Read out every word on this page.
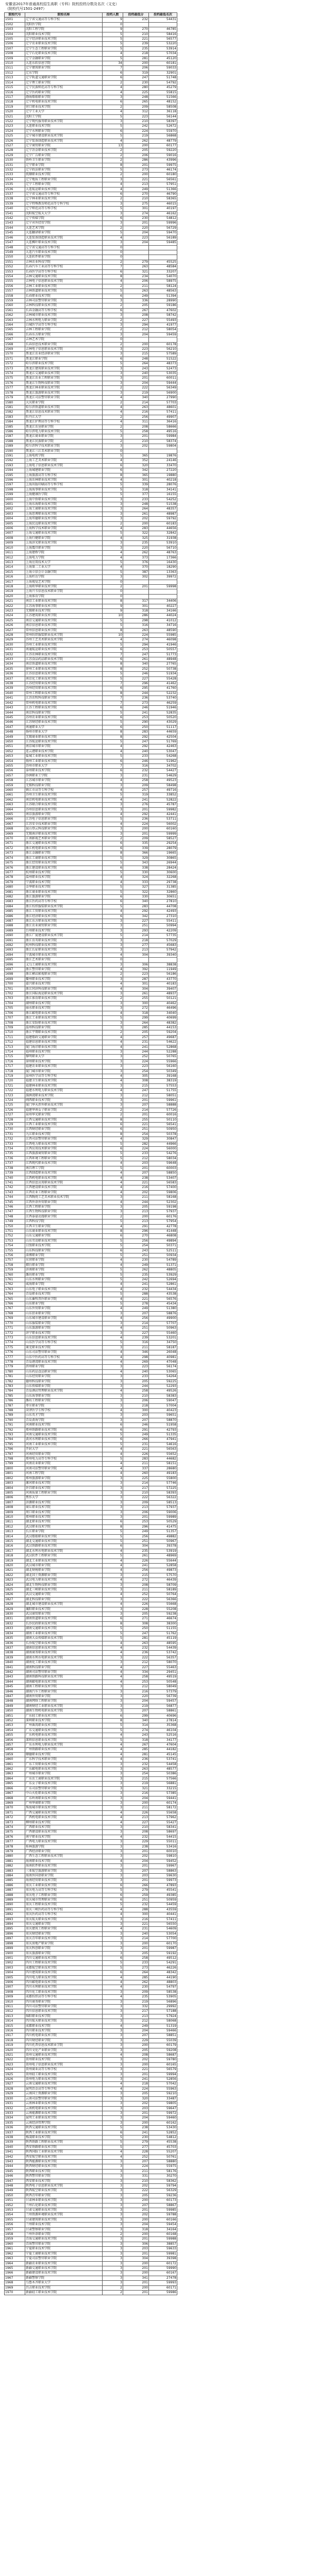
安徽省2017年普通高校招生高职（专科）院校投档分数及名次（文史）
（院校代号1501-2497）
院校代号	院校名称	投档人数	投档最低分	投档最低名次
1501	辽宁省交通高等专科学校	9	232	54431
1502	沈阳医学院	0		
1503	沈阳工程学院	9	270	46785
1504	沈阳职业技术学院	5	210	58416
1505	辽宁经济职业技术学院	5	221	56577
1506	辽宁农业职业技术学院	5	239	53220
1507	辽宁生态工程职业学院	5	235	53914
1508	辽宁石化职业技术学院	4	218	57034
1509	辽宁金融职业学院	5	281	45120
1510	大连东软信息学院	34	200	60181
1511	辽宁建筑职业学院	7	206	59033
1512	辽东学院	6	319	32901
1513	辽宁轨道交通职业学院	6	247	51748
1514	辽宁理工职业学院	2	230	54792
1515	辽宁民族师范高等专科学校	4	280	45279
1516	辽宁医药职业学院	4	225	55815
1517	渤海船舶职业学院	3	248	51566
1518	辽宁机电职业技术学院	6	265	48152
1519	营口职业技术学院	2	209	58508
1520	辽宁工业大学	4	312	36118
1521	沈阳工学院	5	223	56144
1522	辽宁现代服务职业技术学院	3	210	58397
1523	大连职业技术学院	5	242	52672
1524	辽宁水利职业学院	6	224	55970
1525	辽宁城市建设职业技术学院	5	219	56868
1526	辽宁装备制造职业技术学院	4	262	48779
1527	辽宁商贸职业学院	13	200	60177
1528	辽宁冶金职业技术学院	2	205	59220
1529	辽宁广告职业学院	2	206	59016
1530	铁岭卫生职业学院	2	286	43996
1531	辽宁职业学院	8	201	59975
1532	辽宁政法职业学院	5	273	46174
1533	抚顺职业技术学院	2	200	60180
1534	辽宁地质工程职业学院	3	221	56561
1535	辽宁工程职业学院	4	213	57951
1536	大连航运职业技术学院	4	249	51366
1537	辽宁省交通高等专科学校	6	270	46790
1538	辽宁林业职业技术学院	2	210	58365
1539	辽宁特殊教育师范高等专科学校	3	275	46015
1540	辽宁师范高等专科学校	5	301	40197
1541	沈阳航空航天大学	3	274	46162
1542	辽宁传媒学院	6	230	54812
1543	辽宁对外经贸学院	3	201	59996
1544	大连艺术学院	2	220	56729
1545	大连翻译职业学院	5	204	59470
1546	大连装备制造职业技术学院	4	223	56189
1547	大连枫叶职业技术学院	3	204	59485
1548	辽宁省交通高等专科学校	0		
1549	大连汽车职业技术学院	0		
1550	大连软件职业学院	0		
1551	吉林农业科技学院	2	279	45525
1552	长春汽车工业高等专科学校	7	263	48584
1553	长春医学高等专科学校	6	321	33207
1554	吉林交通职业技术学院	8	234	54070
1555	吉林电子信息职业技术学院	4	206	58975
1556	吉林工业职业技术学院	2	211	58124
1557	吉林铁道职业技术学院	5	263	48563
1558	长春职业技术学院	6	249	51394
1559	吉林司法警官职业学院	3	336	28990
1560	吉林科技职业技术学院	2	205	59186
1561	长春金融高等专科学校	6	267	47602
1562	吉林城市职业技术学院	3	208	58742
1563	吉林水利电力职业学院	2	227	55493
1564	白城医学高等专科学校	3	294	41977
1565	吉林工程职业学院	2	212	58054
1566	长春东方职业学院	3	204	59459
1567	吉林艺术学院	0		
1568	长春信息技术职业学院	2	200	60178
1569	吉林电子信息职业技术学院	3	223	56210
1570	黑龙江农业经济职业学院	3	215	57589
1571	黑龙江职业学院	6	248	51522
1572	哈尔滨职业技术学院	5	264	48373
1573	黑龙江建筑职业技术学院	3	243	52473
1574	黑龙江交通职业技术学院	3	240	53035
1575	黑龙江农业工程职业学院	3	201	60011
1576	黑龙江生物科技职业学院	3	204	59444
1577	黑龙江林业职业技术学院	2	222	56349
1578	黑龙江旅游职业技术学院	3	219	56900
1579	黑龙江司法警官职业学院	4	340	27990
1580	大庆职业学院	2	214	57703
1581	哈尔滨铁道职业技术学院	4	263	48601
1582	黑龙江信息技术职业学院	4	216	57411
1583	牡丹江大学	2	256	49907
1584	黑龙江护理高等专科学校	4	311	36416
1585	黑龙江农垦职业学院	2	208	58666
1586	哈尔滨电力职业技术学院	5	258	49516
1587	黑龙江商业职业学院	3	201	59984
1588	黑龙江民族职业学院	2	210	58374
1589	哈尔滨科学技术职业学院	3	202	59804
1590	黑龙江三江美术职业学院	0		
1591	上海电机学院	5	365	19876
1592	上海工艺美术职业学院	4	352	24146
1593	上海电子信息职业技术学院	6	320	33470
1594	上海城建职业学院	6	342	27220
1595	上海旅游高等专科学校	8	365	19880
1596	上海农林职业技术学院	4	301	40218
1597	上海出版印刷高等专科学校	5	339	28076
1598	上海海事职业技术学院	5	318	34141
1599	上海健康医学院	5	377	16155
1600	上海中侨职业技术学院	3	233	54252
1601	上海东海职业技术学院	3	248	51538
1602	上海工商职业技术学院	3	264	48357
1603	上海思博职业技术学院	3	261	48987
1604	上海邦德职业技术学院	3	202	59792
1605	上海民远职业技术学院	2	200	60183
1606	上海科学技术职业学院	4	283	44656
1607	上海交通职业技术学院	5	322	32842
1608	上海行健职业学院	4	325	31938
1609	上海济光职业技术学院	3	235	53910
1610	上海震旦职业学院	3	220	56710
1611	上海建桥学院	4	262	48763
1612	上海电力学院	4	373	17366
1613	上海应用技术大学	5	376	16430
1614	上海第二工业大学	4	370	18290
1615	上海立信会计金融学院	5	387	13363
1616	上海杉达学院	3	302	39972
1617	上海视觉艺术学院	0		
1618	上海欧华职业技术学院	2	201	59998
1619	上海兴韦信息技术职业学院	0		
1620	上海体育学院	0		
1621	南京工业职业技术学院	8	317	34406
1622	江苏海事职业技术学院	9	301	40227
1623	无锡职业技术学院	9	318	34166
1624	江苏建筑职业技术学院	10	286	44024
1625	南京交通职业技术学院	5	298	41012
1626	南京信息职业技术学院	5	316	34716
1627	常州信息职业技术学院	8	263	48590
1628	常州纺织服装职业技术学院	10	224	55985
1629	苏州工艺美术职业技术学院	4	274	46098
1630	苏州工业职业技术学院	5	294	41946
1631	南通航运职业技术学院	6	253	50557
1632	江苏农林职业技术学院	7	247	51773
1633	江苏食品药品职业技术学院	6	261	48948
1634	南京铁道职业技术学院	8	340	27765
1635	徐州工业职业技术学院	8	252	50738
1636	江苏信息职业技术学院	5	246	51934
1637	南京化工职业技术学院	5	227	55428
1638	江苏经贸职业技术学院	7	296	41462
1639	苏州经贸职业技术学院	6	295	41760
1640	常州工程职业技术学院	8	244	52232
1641	江苏农牧科技职业学院	7	236	53740
1642	常州机电职业技术学院	7	273	46259
1643	江苏工程职业技术学院	6	246	51946
1644	南京科技职业学院	5	241	52835
1645	苏州农业职业技术学院	6	253	50520
1646	江苏财经职业技术学院	5	290	43029
1647	南通职业大学	6	250	51117
1648	扬州市职业大学	8	283	44659
1649	无锡商业职业技术学院	8	292	42504
1650	江苏航运职业技术学院	5	247	51769
1651	南京城市职业学院	4	292	42463
1652	连云港职业技术学院	4	240	53047
1653	盐城工业职业技术学院	5	233	54268
1654	扬州工业职业技术学院	6	246	51962
1655	苏州市职业大学	7	316	34702
1656	泰州职业技术学院	6	232	54427
1657	沙洲职业工学院	3	231	54629
1658	江苏城市职业学院	4	258	49523
1659	无锡科技职业学院	3	209	58498
1660	镇江市高等专科学校	4	257	49716
1661	苏州卫生职业技术学院	5	319	33852
1662	南京机电职业技术学院	4	241	52822
1663	江苏联合职业技术学院	3	276	45787
1664	苏州信息职业技术学院	3	201	59982
1665	南京旅游职业学院	4	292	42441
1666	江苏电子信息职业学院	5	236	53711
1667	江苏安全技术职业学院	4	224	56002
1668	昆山登云科技职业学院	3	200	60160
1669	无锡南洋职业技术学院	3	201	59999
1670	江南影视艺术职业学院	2	209	58527
1671	浙江交通职业技术学院	6	335	29254
1672	浙江机电职业技术学院	6	339	28079
1673	浙江金融职业学院	8	366	19665
1674	浙江工商职业技术学院	5	329	30865
1675	浙江经贸职业技术学院	5	343	26944
1676	浙江建设职业技术学院	6	338	28424
1677	杭州职业技术学院	5	330	30600
1678	温州职业技术学院	4	324	32268
1679	宁波职业技术学院	4	333	29738
1680	金华职业技术学院	5	327	31385
1681	浙江商业职业技术学院	5	322	32860
1682	浙江旅游职业学院	6	330	30651
1683	浙江医药高等专科学校	6	340	27810
1684	浙江纺织服装职业技术学院	5	283	44708
1685	浙江工贸职业技术学院	4	292	42493
1686	浙江经济职业技术学院	6	342	27310
1687	浙江东方职业技术学院	3	227	55411
1688	浙江农业商贸职业学院	3	251	50994
1689	台州职业技术学院	3	293	42209
1690	浙江广厦建设职业技术学院	5	214	57735
1691	浙江育英职业技术学院	3	218	57029
1692	杭州科技职业技术学院	3	277	45683
1693	浙江长征职业技术学院	3	213	57942
1694	宁波城市职业技术学院	4	304	39340
1695	浙江艺术职业学院	0		
1696	义乌工商职业技术学院	3	306	38838
1697	浙江警官职业学院	4	392	11949
1698	浙江横店影视职业学院	2	223	56186
1699	衢州职业技术学院	3	287	43770
1700	嘉兴职业技术学院	4	301	40183
1701	浙江同济科技职业学院	4	304	39407
1702	浙江国际海运职业技术学院	3	261	48937
1703	浙江体育职业技术学院	2	255	50121
1704	湖州职业技术学院	3	300	40462
1705	丽水职业技术学院	3	272	46496
1706	浙江邮电职业技术学院	4	318	34040
1707	浙江工业职业技术学院	5	299	40699
1708	浙江安防职业技术学院	3	264	48382
1709	温州科技职业学院	3	285	44153
1710	浙江宇翔职业技术学院	2	205	59204
1711	福建船政交通职业学院	4	257	49687
1712	福建信息职业技术学院	4	231	54622
1713	厦门海洋职业技术学院	4	241	52868
1714	福州职业技术学院	3	244	52288
1715	黎明职业大学	3	252	50765
1716	漳州职业技术学院	3	224	55966
1717	福建农业职业技术学院	3	223	56160
1718	厦门城市职业学院	3	254	50349
1719	泉州医学高等专科学校	4	305	39168
1720	福建卫生职业技术学院	4	308	38319
1721	福建林业职业技术学院	3	215	57553
1722	福建水利电力职业技术学院	4	247	51755
1723	湄洲湾职业技术学院	3	212	58051
1724	闽西职业技术学院	3	201	59961
1725	厦门华天涉外职业技术学院	3	207	58888
1726	福建华南女子职业学院	2	214	57726
1727	泉州华光职业学院	2	201	60016
1728	江西交通职业技术学院	8	255	50110
1729	江西工业职业技术学院	6	221	56541
1730	江西财经职业学院	6	251	50950
1731	九江职业技术学院	8	254	50378
1732	江西司法警官职业学院	4	329	30847
1733	江西电力职业技术学院	5	282	44966
1734	江西应用技术职业学院	6	224	56000
1735	江西旅游商贸职业学院	5	233	54276
1736	江西环境工程职业学院	5	212	58034
1737	江西现代职业技术学院	4	203	59648
1738	南昌理工学院	5	201	60003
1739	江西制造职业技术学院	4	207	58850
1740	江西机电职业技术学院	4	238	53407
1741	江西信息应用职业技术学院	4	221	56583
1742	江西建设职业技术学院	4	216	57400
1743	江西农业工程职业学院	4	202	59806
1744	江西陶瓷工艺美术职业技术学院	3	211	58168
1745	江西外语外贸职业学院	4	244	52302
1746	江西工程职业学院	3	205	59198
1747	江西生物科技职业学院	3	213	57937
1748	江西泰豪动漫职业学院	2	200	60176
1749	江西科技学院	5	213	57954
1750	江西卫生职业学院	4	291	42778
1751	山东商业职业技术学院	8	296	41448
1752	山东交通职业学院	6	270	46808
1753	山东劳动职业技术学院	5	256	49894
1754	日照职业技术学院	5	254	50371
1755	山东科技职业学院	6	243	52511
1756	淄博职业学院	5	251	50934
1757	东营职业学院	4	230	54789
1758	烟台职业学院	4	249	51371
1759	济南职业学院	5	262	48805
1760	潍坊职业学院	5	235	53929
1761	山东水利职业学院	5	242	52694
1762	威海职业学院	4	241	52861
1763	山东电子职业技术学院	4	232	54434
1764	青岛职业技术学院	5	288	43538
1765	山东畜牧兽医职业学院	4	221	56576
1766	山东职业学院	5	278	45434
1767	山东外贸职业学院	4	249	51380
1768	山东铝业职业学院	3	207	58876
1769	山东城市建设职业学院	4	256	49900
1770	山东服装职业学院	3	214	57707
1771	山东旅游职业学院	4	251	50963
1772	济宁职业技术学院	3	227	55460
1773	山东信息职业技术学院	4	239	53201
1774	山东医学高等专科学校	5	316	34750
1775	莱芜职业技术学院	3	211	58187
1776	山东司法警官职业学院	4	346	26048
1777	山东中医药高等专科学校	4	298	40981
1778	青岛港湾职业技术学院	4	269	47048
1779	滨州职业学院	3	223	56174
1780	山东药品食品职业学院	4	240	53065
1781	山东经贸职业学院	3	233	54264
1782	德州科技职业学院	3	205	59225
1783	山东传媒职业学院	3	244	52293
1784	青岛酒店管理职业技术学院	4	258	49526
1785	山东海事职业学院	3	210	58383
1786	潍坊工程职业学院	3	206	59047
1787	枣庄职业学院	3	218	57004
1788	菏泽医学专科学校	4	300	40423
1789	山东英才学院	3	203	59651
1790	青岛黄海学院	3	207	58870
1791	河南职业技术学院	6	246	51958
1792	郑州铁路职业技术学院	6	291	42793
1793	河南交通职业技术学院	5	249	51335
1794	黄河水利职业技术学院	6	266	47941
1795	河南工业职业技术学院	5	231	54616
1796	开封大学	4	221	56563
1797	河南经贸职业学院	4	226	55652
1798	郑州电力高等专科学校	5	283	44682
1799	河南农业职业学院	4	211	58151
1800	河南司法警官职业学院	4	337	28680
1801	河南工程学院	4	260	49183
1802	郑州旅游职业学院	3	225	55800
1803	漯河职业技术学院	3	214	57746
1804	许昌职业技术学院	3	217	57225
1805	河南质量工程职业学院	3	210	58393
1806	焦作大学	3	222	56322
1807	济源职业技术学院	3	209	58513
1808	商丘职业技术学院	3	213	57937
1809	周口职业技术学院	3	206	59006
1810	郑州职业技术学院	3	201	59989
1811	湖北职业技术学院	6	253	50529
1812	武汉职业技术学院	8	296	41475
1813	长江职业学院	5	249	51357
1814	武汉船舶职业技术学院	5	256	49882
1815	湖北交通职业技术学院	5	251	50967
1816	武汉铁路职业技术学院	6	304	39378
1817	湖北水利水电职业技术学院	4	235	53919
1818	武汉软件工程职业学院	5	261	48969
1819	湖北工业职业技术学院	4	226	55644
1820	武汉城市职业学院	4	241	52858
1821	湖北财税职业学院	4	256	49873
1822	湖北国土资源职业学院	3	215	57570
1823	武汉电力职业技术学院	4	272	46439
1824	湖北生物科技职业学院	3	208	58709
1825	湖北三峡职业技术学院	3	211	58189
1826	武汉交通职业学院	4	252	50764
1827	湖北科技职业学院	3	222	56366
1828	湖北城市建设职业技术学院	4	226	55668
1829	襄阳职业技术学院	3	228	55208
1830	武汉商贸职业学院	3	205	59238
1831	湖南铁道职业技术学院	6	271	46674
1832	长沙民政职业技术学院	8	308	38300
1833	湖南交通职业技术学院	5	250	51155
1834	湖南工业职业技术学院	5	247	51762
1835	湖南大众传媒职业技术学院	5	281	45119
1836	长沙航空职业技术学院	4	263	48595
1837	湖南信息职业技术学院	4	232	54439
1838	湖南商务职业技术学院	4	236	53742
1839	湖南水利水电职业技术学院	3	222	56357
1840	湖南化工职业技术学院	3	212	58070
1841	湖南科技职业学院	4	227	55463
1842	湖南司法警官职业学院	4	334	29451
1843	湖南铁路科技职业技术学院	4	258	49519
1844	湖南邮电职业技术学院	4	253	50548
1845	湖南工程职业技术学院	3	212	58049
1846	湖南汽车工程职业学院	3	216	57379
1847	湖南外贸职业学院	3	220	56739
1848	湖南网络工程职业学院	3	204	59457
1849	湖南财经工业职业技术学院	3	219	56877
1850	湖南生物机电职业技术学院	3	207	58861
1851	广东轻工职业技术学院	6	299	40696
1852	深圳职业技术学院	8	340	27814
1853	广州番禺职业技术学院	5	314	35368
1854	广东交通职业技术学院	5	274	46104
1855	广东机电职业技术学院	4	243	52516
1856	深圳信息职业技术学院	5	318	34177
1857	广东水利电力职业技术学院	4	267	47604
1858	广州铁路职业技术学院	4	285	44182
1859	顺德职业技术学院	4	281	45145
1860	广东科学技术职业学院	4	236	53741
1861	广东工贸职业技术学院	3	232	54458
1862	广东邮电职业技术学院	3	263	48577
1863	广州城市职业学院	3	254	50386
1864	广东农工商职业技术学院	3	215	57566
1865	广东女子职业技术学院	3	219	56881
1866	广东司法警官职业学院	3	321	33215
1867	中山火炬职业技术学院	3	216	57385
1868	广东岭南职业技术学院	3	204	59441
1869	广州华商职业学院	3	200	60174
1870	珠海城市职业技术学院	3	211	58172
1871	广西交通职业技术学院	4	226	55658
1872	广西机电职业技术学院	4	213	57962
1873	柳州职业技术学院	4	227	55427
1874	广西职业技术学院	3	210	58341
1875	广西建设职业技术学院	3	208	58697
1876	南宁职业技术学院	4	232	54415
1877	广西电力职业技术学院	3	229	55011
1878	桂林旅游学院	3	238	53416
1879	广西经济职业学院	3	201	60010
1880	广西生态工程职业技术学院	3	202	59810
1881	海南职业技术学院	4	204	59452
1882	海南软件职业技术学院	3	201	59967
1883	三亚航空旅游职业学院	3	207	58863
1884	海南外国语职业学院	3	203	59630
1885	海南经贸职业技术学院	3	201	59973
1886	重庆工业职业技术学院	6	266	47893
1887	重庆电力高等专科学校	5	279	45541
1888	重庆电子工程职业学院	6	259	49385
1889	重庆城市管理职业学院	6	251	50959
1890	重庆工程职业技术学院	5	232	54459
1891	重庆三峡医药高等专科学校	4	288	43559
1892	重庆医药高等专科学校	4	300	40441
1893	重庆航天职业技术学院	3	216	57411
1894	重庆交通职业学院	3	221	56550
1895	重庆建筑工程职业学院	4	231	54609
1896	重庆财经职业学院	3	240	53054
1897	重庆青年职业技术学院	3	214	57700
1898	重庆房地产职业学院	3	200	60170
1899	重庆科创职业学院	3	201	59987
1900	重庆旅游职业学院	3	205	59192
1901	四川交通职业技术学院	6	258	49512
1902	四川工程职业技术学院	5	233	54291
1903	成都航空职业技术学院	5	273	46226
1904	四川建筑职业技术学院	6	264	48342
1905	四川电力职业技术学院	4	285	44190
1906	四川邮电职业技术学院	4	262	48803
1907	四川水利职业技术学院	4	230	54797
1908	四川化工职业技术学院	3	209	58538
1909	成都纺织高等专科学校	4	235	53905
1910	四川商务职业学院	3	219	56896
1911	四川司法警官职业学院	3	332	29992
1912	四川信息职业技术学院	3	217	57188
1913	绵阳职业技术学院	3	213	57924
1914	四川航天职业技术学院	3	212	58068
1915	成都职业技术学院	4	249	51319
1916	四川职业技术学院	3	204	59466
1917	四川机电职业技术学院	3	207	58851
1918	四川财经职业学院	3	229	55039
1919	四川托普信息技术职业学院	3	200	60179
1920	四川文化产业职业学院	3	205	59208
1921	贵州交通职业技术学院	4	208	58687
1922	贵州职业技术学院	3	202	59780
1923	贵州电子信息职业技术学院	3	200	60165
1924	贵州商业高等专科学校	3	221	56579
1925	贵州轻工职业技术学院	3	201	59994
1926	贵州电力职业技术学院	3	241	52856
1927	云南交通职业技术学院	4	218	57042
1928	昆明冶金高等专科学校	4	224	55963
1929	云南国土资源职业学院	3	205	59210
1930	云南司法警官职业学院	3	320	33487
1931	云南林业职业技术学院	3	202	59805
1932	云南机电职业技术学院	3	203	59647
1933	云南能源职业技术学院	3	201	59972
1934	昆明工业职业技术学院	3	204	59460
1935	云南经济管理学院	3	200	60162
1936	陕西交通职业技术学院	5	238	53430
1937	陕西工业职业技术学院	6	241	52852
1938	杨凌职业技术学院	5	230	54812
1939	陕西铁路工程职业技术学院	5	279	45538
1940	西安铁路职业技术学院	5	277	45703
1941	陕西国防工业职业技术学院	4	228	55207
1942	西安航空职业技术学院	4	252	50761
1943	陕西能源职业技术学院	3	207	58880
1944	陕西财经职业技术学院	3	224	55975
1945	陕西职业技术学院	3	211	58176
1946	陕西警官职业学院	3	331	30270
1947	西安职业技术学院	3	210	58362
1948	陕西电子信息职业技术学院	3	202	59794
1949	陕西航空职业技术学院	3	222	56329
1950	陕西青年职业学院	3	205	59236
1951	甘肃林业职业技术学院	3	200	60173
1952	兰州石化职业技术学院	3	207	58867
1953	甘肃交通职业技术学院	3	201	59985
1954	兰州资源环境职业技术学院	3	202	59788
1955	甘肃建筑职业技术学院	3	200	60166
1956	兰州职业技术学院	3	204	59454
1957	甘肃警察职业学院	3	318	34164
1958	兰州外语职业学院	2	200	60168
1959	青海交通职业技术学院	3	201	59988
1960	青海警官职业学院	3	306	38857
1961	宁夏职业技术学院	3	203	59633
1962	宁夏工商职业技术学院	3	201	59981
1963	宁夏司法警官职业学院	3	304	39398
1964	新疆农业职业技术学院	3	200	60172
1965	新疆交通职业技术学院	3	201	59990
1966	新疆建设职业技术学院	3	200	60167
1967	新疆警察学院	3	341	27478
1968	乌鲁木齐职业大学	3	201	59993
1969	昌吉职业技术学院	2	200	60171
1970	新疆轻工职业技术学院	2	201	59986
